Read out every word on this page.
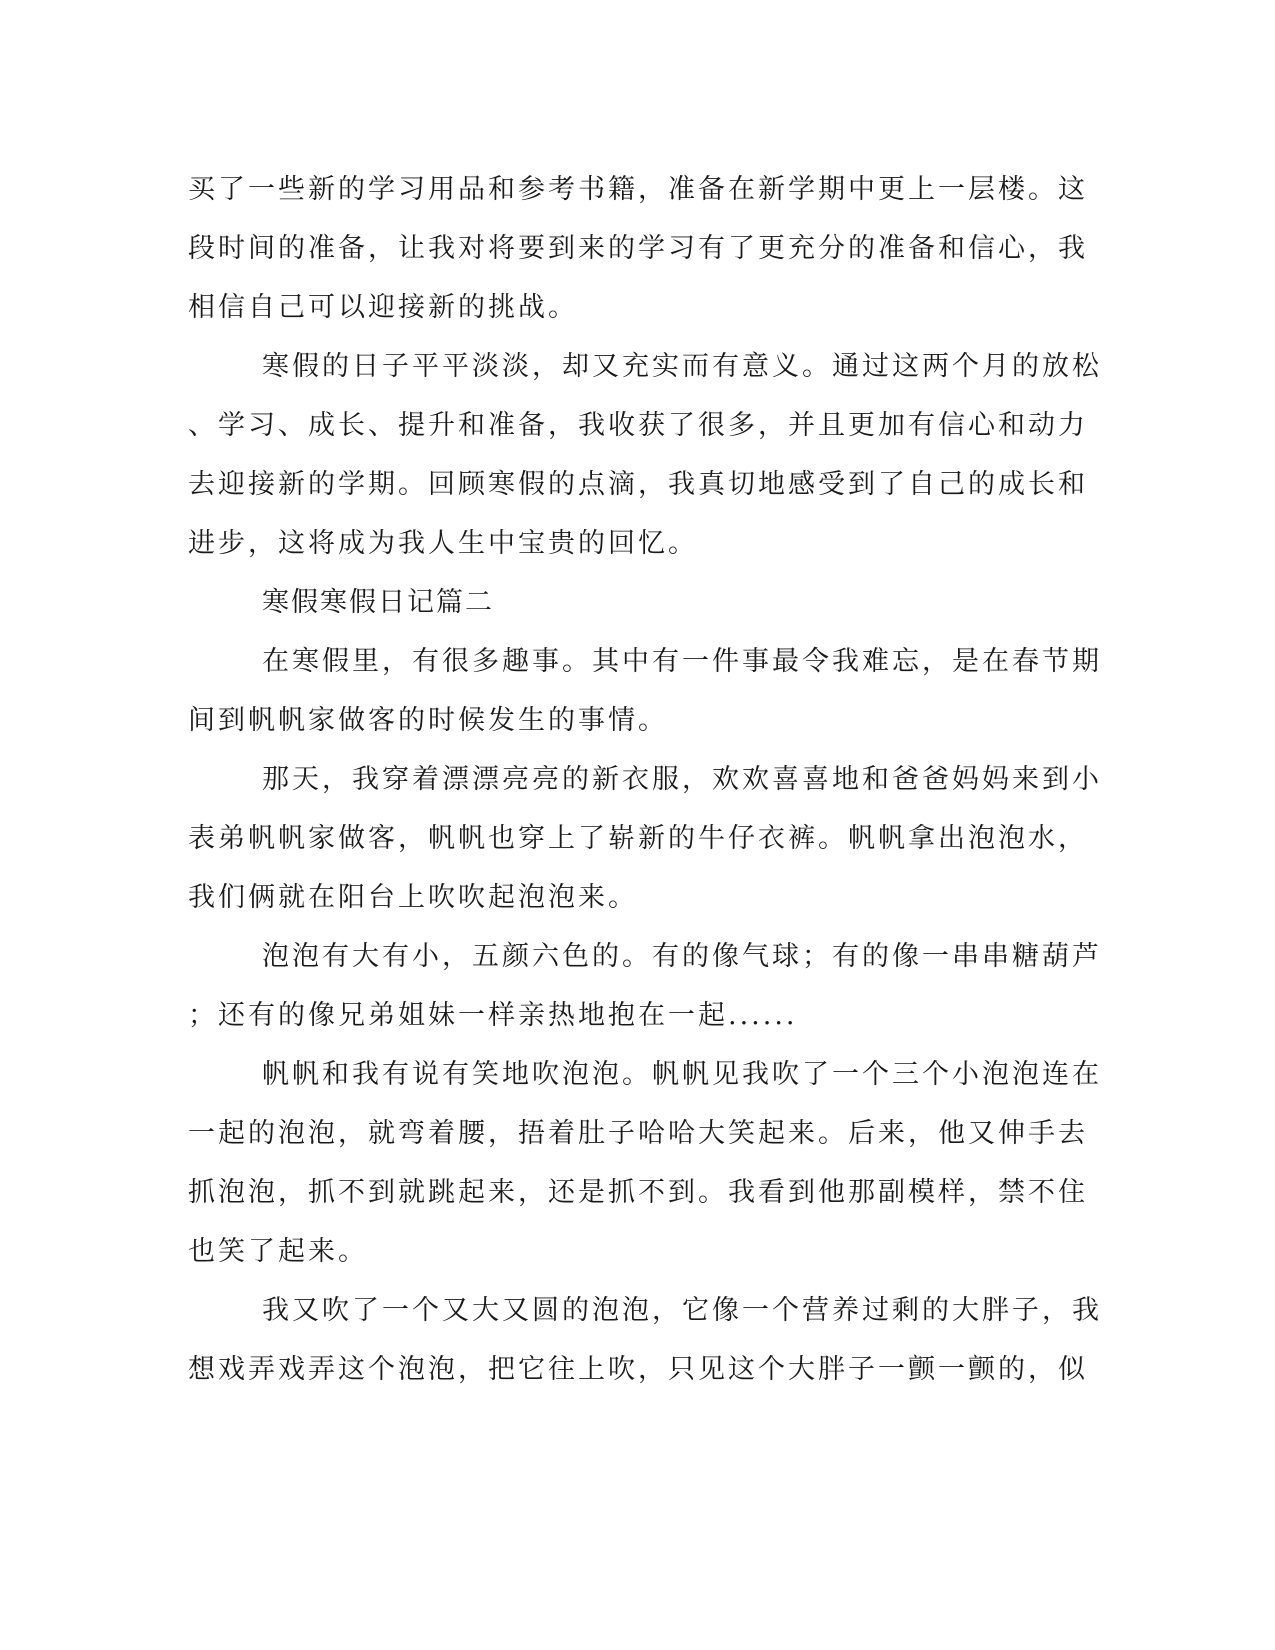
买了一些新的学习用品和参考书籍，准备在新学期中更上一层楼。这
段时间的准备，让我对将要到来的学习有了更充分的准备和信心，我
相信自己可以迎接新的挑战。
寒假的日子平平淡淡，却又充实而有意义。通过这两个月的放松
、学习、成长、提升和准备，我收获了很多，并且更加有信心和动力
去迎接新的学期。回顾寒假的点滴，我真切地感受到了自己的成长和
进步，这将成为我人生中宝贵的回忆。
寒假寒假日记篇二
在寒假里，有很多趣事。其中有一件事最令我难忘，是在春节期
间到帆帆家做客的时候发生的事情。
那天，我穿着漂漂亮亮的新衣服，欢欢喜喜地和爸爸妈妈来到小
表弟帆帆家做客，帆帆也穿上了崭新的牛仔衣裤。帆帆拿出泡泡水，
我们俩就在阳台上吹吹起泡泡来。
泡泡有大有小，五颜六色的。有的像气球；有的像一串串糖葫芦
；还有的像兄弟姐妹一样亲热地抱在一起......
帆帆和我有说有笑地吹泡泡。帆帆见我吹了一个三个小泡泡连在
一起的泡泡，就弯着腰，捂着肚子哈哈大笑起来。后来，他又伸手去
抓泡泡，抓不到就跳起来，还是抓不到。我看到他那副模样，禁不住
也笑了起来。
我又吹了一个又大又圆的泡泡，它像一个营养过剩的大胖子，我
想戏弄戏弄这个泡泡，把它往上吹，只见这个大胖子一颤一颤的，似
